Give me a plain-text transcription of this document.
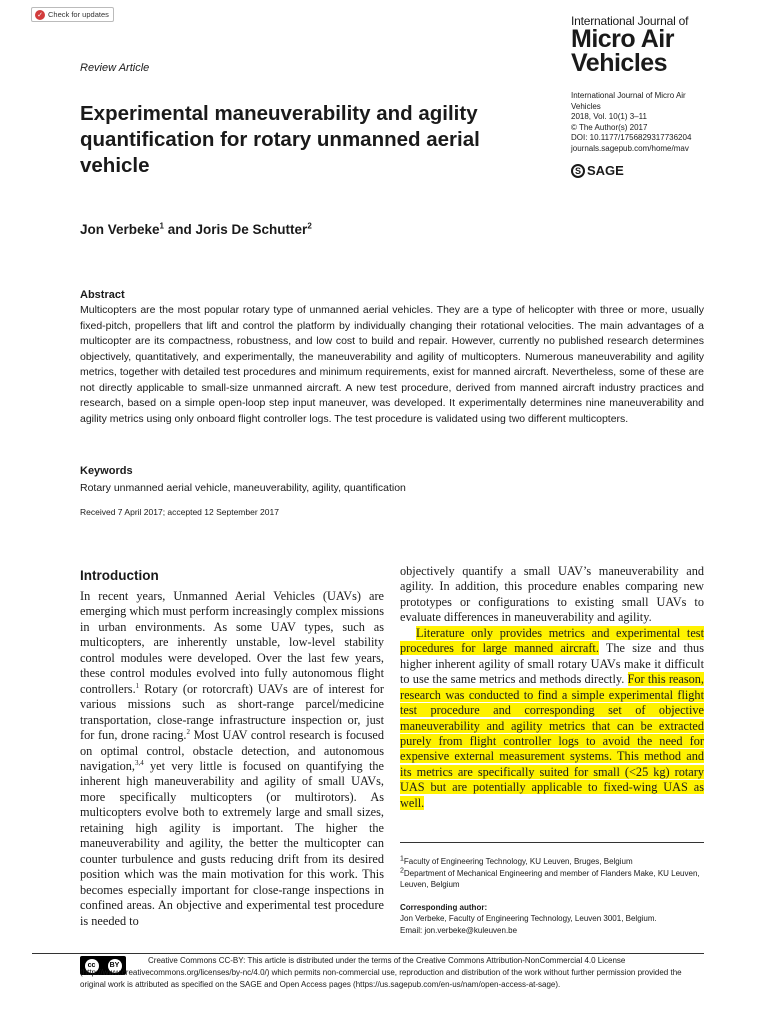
✓ Check for updates	International Journal of
Micro Air
Vehicles
Review Article
International Journal of Micro Air Vehicles
2018, Vol. 10(1) 3–11
© The Author(s) 2017
DOI: 10.1177/1756829317736204
journals.sagepub.com/home/mav
S SAGE
Experimental maneuverability and agility quantification for rotary unmanned aerial vehicle
Jon Verbeke$^1$ and Joris De Schutter$^2$
Abstract
Multicopters are the most popular rotary type of unmanned aerial vehicles. They are a type of helicopter with three or more, usually fixed-pitch, propellers that lift and control the platform by individually changing their rotational velocities. The main advantages of a multicopter are its compactness, robustness, and low cost to build and repair. However, currently no published research determines objectively, quantitatively, and experimentally, the maneuverability and agility of multicopters. Numerous maneuverability and agility metrics, together with detailed test procedures and minimum requirements, exist for manned aircraft. Nevertheless, some of these are not directly applicable to small-size unmanned aircraft. A new test procedure, derived from manned aircraft industry practices and research, based on a simple open-loop step input maneuver, was developed. It experimentally determines nine maneuverability and agility metrics using only onboard flight controller logs. The test procedure is validated using two different multicopters.
Keywords
Rotary unmanned aerial vehicle, maneuverability, agility, quantification
Received 7 April 2017; accepted 12 September 2017
Introduction

In recent years, Unmanned Aerial Vehicles (UAVs) are emerging which must perform increasingly complex missions in urban environments. As some UAV types, such as multicopters, are inherently unstable, low-level stability control modules were developed. Over the last few years, these control modules evolved into fully autonomous flight controllers.$^1$ Rotary (or rotorcraft) UAVs are of interest for various missions such as short-range parcel/medicine transportation, close-range infrastructure inspection or, just for fun, drone racing.$^2$ Most UAV control research is focused on optimal control, obstacle detection, and autonomous navigation,$^{3,4}$ yet very little is focused on quantifying the inherent high maneuverability and agility of small UAVs, more specifically multicopters (or multirotors). As multicopters evolve both to extremely large and small sizes, retaining high agility is important. The higher the maneuverability and agility, the better the multicopter can counter turbulence and gusts reducing drift from its desired position which was the main motivation for this work. This becomes especially important for close-range inspections in confined areas. An objective and experimental test procedure is needed to

objectively quantify a small UAV’s maneuverability and agility. In addition, this procedure enables comparing new prototypes or configurations to existing small UAVs to evaluate differences in maneuverability and agility.

Literature only provides metrics and experimental test procedures for large manned aircraft. The size and thus higher inherent agility of small rotary UAVs make it difficult to use the same metrics and methods directly. For this reason, research was conducted to find a simple experimental flight test procedure and corresponding set of objective maneuverability and agility metrics that can be extracted purely from flight controller logs to avoid the need for expensive external measurement systems. This method and its metrics are specifically suited for small (<25 kg) rotary UAS but are potentially applicable to fixed-wing UAS as well.

$^1$Faculty of Engineering Technology, KU Leuven, Bruges, Belgium

$^2$Department of Mechanical Engineering and member of Flanders Make, KU Leuven, Leuven, Belgium

Corresponding author:

Jon Verbeke, Faculty of Engineering Technology, Leuven 3001, Belgium.

Email: jon.verbeke@kuleuven.be

cc	BY
Creative Commons CC-BY: This article is distributed under the terms of the Creative Commons Attribution-NonCommercial 4.0 License (http://www.creativecommons.org/licenses/by-nc/4.0/) which permits non-commercial use, reproduction and distribution of the work without further permission provided the original work is attributed as specified on the SAGE and Open Access pages (https://us.sagepub.com/en-us/nam/open-access-at-sage).
